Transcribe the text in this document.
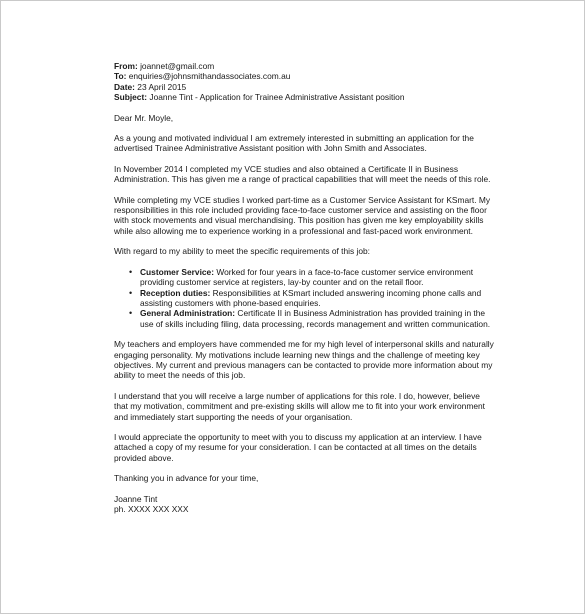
From: joannet@gmail.com
To: enquiries@johnsmithandassociates.com.au
Date: 23 April 2015
Subject: Joanne Tint - Application for Trainee Administrative Assistant position

Dear Mr. Moyle,

As a young and motivated individual I am extremely interested in submitting an application for the advertised Trainee Administrative Assistant position with John Smith and Associates.

In November 2014 I completed my VCE studies and also obtained a Certificate II in Business Administration. This has given me a range of practical capabilities that will meet the needs of this role.

While completing my VCE studies I worked part-time as a Customer Service Assistant for KSmart. My responsibilities in this role included providing face-to-face customer service and assisting on the floor with stock movements and visual merchandising. This position has given me key employability skills while also allowing me to experience working in a professional and fast-paced work environment.

With regard to my ability to meet the specific requirements of this job:

• Customer Service: Worked for four years in a face-to-face customer service environment providing customer service at registers, lay-by counter and on the retail floor.
• Reception duties: Responsibilities at KSmart included answering incoming phone calls and assisting customers with phone-based enquiries.
• General Administration: Certificate II in Business Administration has provided training in the use of skills including filing, data processing, records management and written communication.

My teachers and employers have commended me for my high level of interpersonal skills and naturally engaging personality. My motivations include learning new things and the challenge of meeting key objectives. My current and previous managers can be contacted to provide more information about my ability to meet the needs of this job.

I understand that you will receive a large number of applications for this role. I do, however, believe that my motivation, commitment and pre-existing skills will allow me to fit into your work environment and immediately start supporting the needs of your organisation.

I would appreciate the opportunity to meet with you to discuss my application at an interview. I have attached a copy of my resume for your consideration. I can be contacted at all times on the details provided above.

Thanking you in advance for your time,

Joanne Tint
ph. XXXX XXX XXX
